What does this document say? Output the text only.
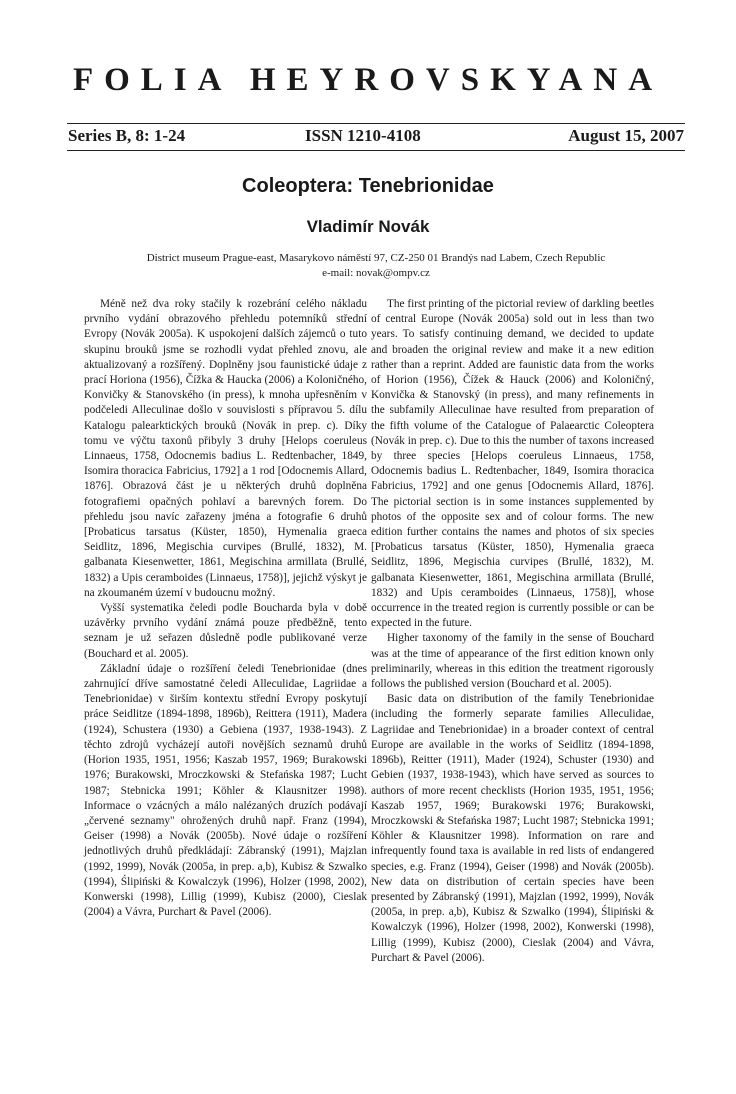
FOLIA HEYROVSKYANA
Series B, 8: 1-24	ISSN 1210-4108	August 15, 2007
Coleoptera: Tenebrionidae
Vladimír Novák
District museum Prague-east, Masarykovo náměstí 97, CZ-250 01 Brandýs nad Labem, Czech Republic
e-mail: novak@ompv.cz

Méně než dva roky stačily k rozebrání celého nákladu prvního vydání obrazového přehledu potemníků střední Evropy (Novák 2005a). K uspokojení dalších zájemců o tuto skupinu brouků jsme se rozhodli vydat přehled znovu, ale aktualizovaný a rozšířený. Doplněny jsou faunistické údaje z prací Horiona (1956), Čížka & Haucka (2006) a Koloničného, Konvičky & Stanovského (in press), k mnoha upřesněním v podčeledi Alleculinae došlo v souvislosti s přípravou 5. dílu Katalogu palearktických brouků (Novák in prep. c). Díky tomu ve výčtu taxonů přibyly 3 druhy [Helops coeruleus Linnaeus, 1758, Odocnemis badius L. Redtenbacher, 1849, Isomira thoracica Fabricius, 1792] a 1 rod [Odocnemis Allard, 1876]. Obrazová část je u některých druhů doplněna fotografiemi opačných pohlaví a barevných forem. Do přehledu jsou navíc zařazeny jména a fotografie 6 druhů [Probaticus tarsatus (Küster, 1850), Hymenalia graeca Seidlitz, 1896, Megischia curvipes (Brullé, 1832), M. galbanata Kiesenwetter, 1861, Megischina armillata (Brullé, 1832) a Upis ceramboides (Linnaeus, 1758)], jejichž výskyt je na zkoumaném území v budoucnu možný.

Vyšší systematika čeledi podle Boucharda byla v době uzávěrky prvního vydání známá pouze předběžně, tento seznam je už seřazen důsledně podle publikované verze (Bouchard et al. 2005).

Základní údaje o rozšíření čeledi Tenebrionidae (dnes zahrnující dříve samostatné čeledi Alleculidae, Lagriidae a Tenebrionidae) v širším kontextu střední Evropy poskytují práce Seidlitze (1894-1898, 1896b), Reittera (1911), Madera (1924), Schustera (1930) a Gebiena (1937, 1938-1943). Z těchto zdrojů vycházejí autoři novějších seznamů druhů (Horion 1935, 1951, 1956; Kaszab 1957, 1969; Burakowski 1976; Burakowski, Mroczkowski & Stefańska 1987; Lucht 1987; Stebnicka 1991; Köhler & Klausnitzer 1998). Informace o vzácných a málo nalézaných druzích podávají „červené seznamy" ohrožených druhů např. Franz (1994), Geiser (1998) a Novák (2005b). Nové údaje o rozšíření jednotlivých druhů předkládají: Zábranský (1991), Majzlan (1992, 1999), Novák (2005a, in prep. a,b), Kubisz & Szwalko (1994), Ślipiński & Kowalczyk (1996), Holzer (1998, 2002), Konwerski (1998), Lillig (1999), Kubisz (2000), Cieslak (2004) a Vávra, Purchart & Pavel (2006).

The first printing of the pictorial review of darkling beetles of central Europe (Novák 2005a) sold out in less than two years. To satisfy continuing demand, we decided to update and broaden the original review and make it a new edition rather than a reprint. Added are faunistic data from the works of Horion (1956), Čížek & Hauck (2006) and Koloničný, Konvička & Stanovský (in press), and many refinements in the subfamily Alleculinae have resulted from preparation of the fifth volume of the Catalogue of Palaearctic Coleoptera (Novák in prep. c). Due to this the number of taxons increased by three species [Helops coeruleus Linnaeus, 1758, Odocnemis badius L. Redtenbacher, 1849, Isomira thoracica Fabricius, 1792] and one genus [Odocnemis Allard, 1876]. The pictorial section is in some instances supplemented by photos of the opposite sex and of colour forms. The new edition further contains the names and photos of six species [Probaticus tarsatus (Küster, 1850), Hymenalia graeca Seidlitz, 1896, Megischia curvipes (Brullé, 1832), M. galbanata Kiesenwetter, 1861, Megischina armillata (Brullé, 1832) and Upis ceramboides (Linnaeus, 1758)], whose occurrence in the treated region is currently possible or can be expected in the future.

Higher taxonomy of the family in the sense of Bouchard was at the time of appearance of the first edition known only preliminarily, whereas in this edition the treatment rigorously follows the published version (Bouchard et al. 2005).

Basic data on distribution of the family Tenebrionidae (including the formerly separate families Alleculidae, Lagriidae and Tenebrionidae) in a broader context of central Europe are available in the works of Seidlitz (1894-1898, 1896b), Reitter (1911), Mader (1924), Schuster (1930) and Gebien (1937, 1938-1943), which have served as sources to authors of more recent checklists (Horion 1935, 1951, 1956; Kaszab 1957, 1969; Burakowski 1976; Burakowski, Mroczkowski & Stefańska 1987; Lucht 1987; Stebnicka 1991; Köhler & Klausnitzer 1998). Information on rare and infrequently found taxa is available in red lists of endangered species, e.g. Franz (1994), Geiser (1998) and Novák (2005b). New data on distribution of certain species have been presented by Zábranský (1991), Majzlan (1992, 1999), Novák (2005a, in prep. a,b), Kubisz & Szwalko (1994), Ślipiński & Kowalczyk (1996), Holzer (1998, 2002), Konwerski (1998), Lillig (1999), Kubisz (2000), Cieslak (2004) and Vávra, Purchart & Pavel (2006).
